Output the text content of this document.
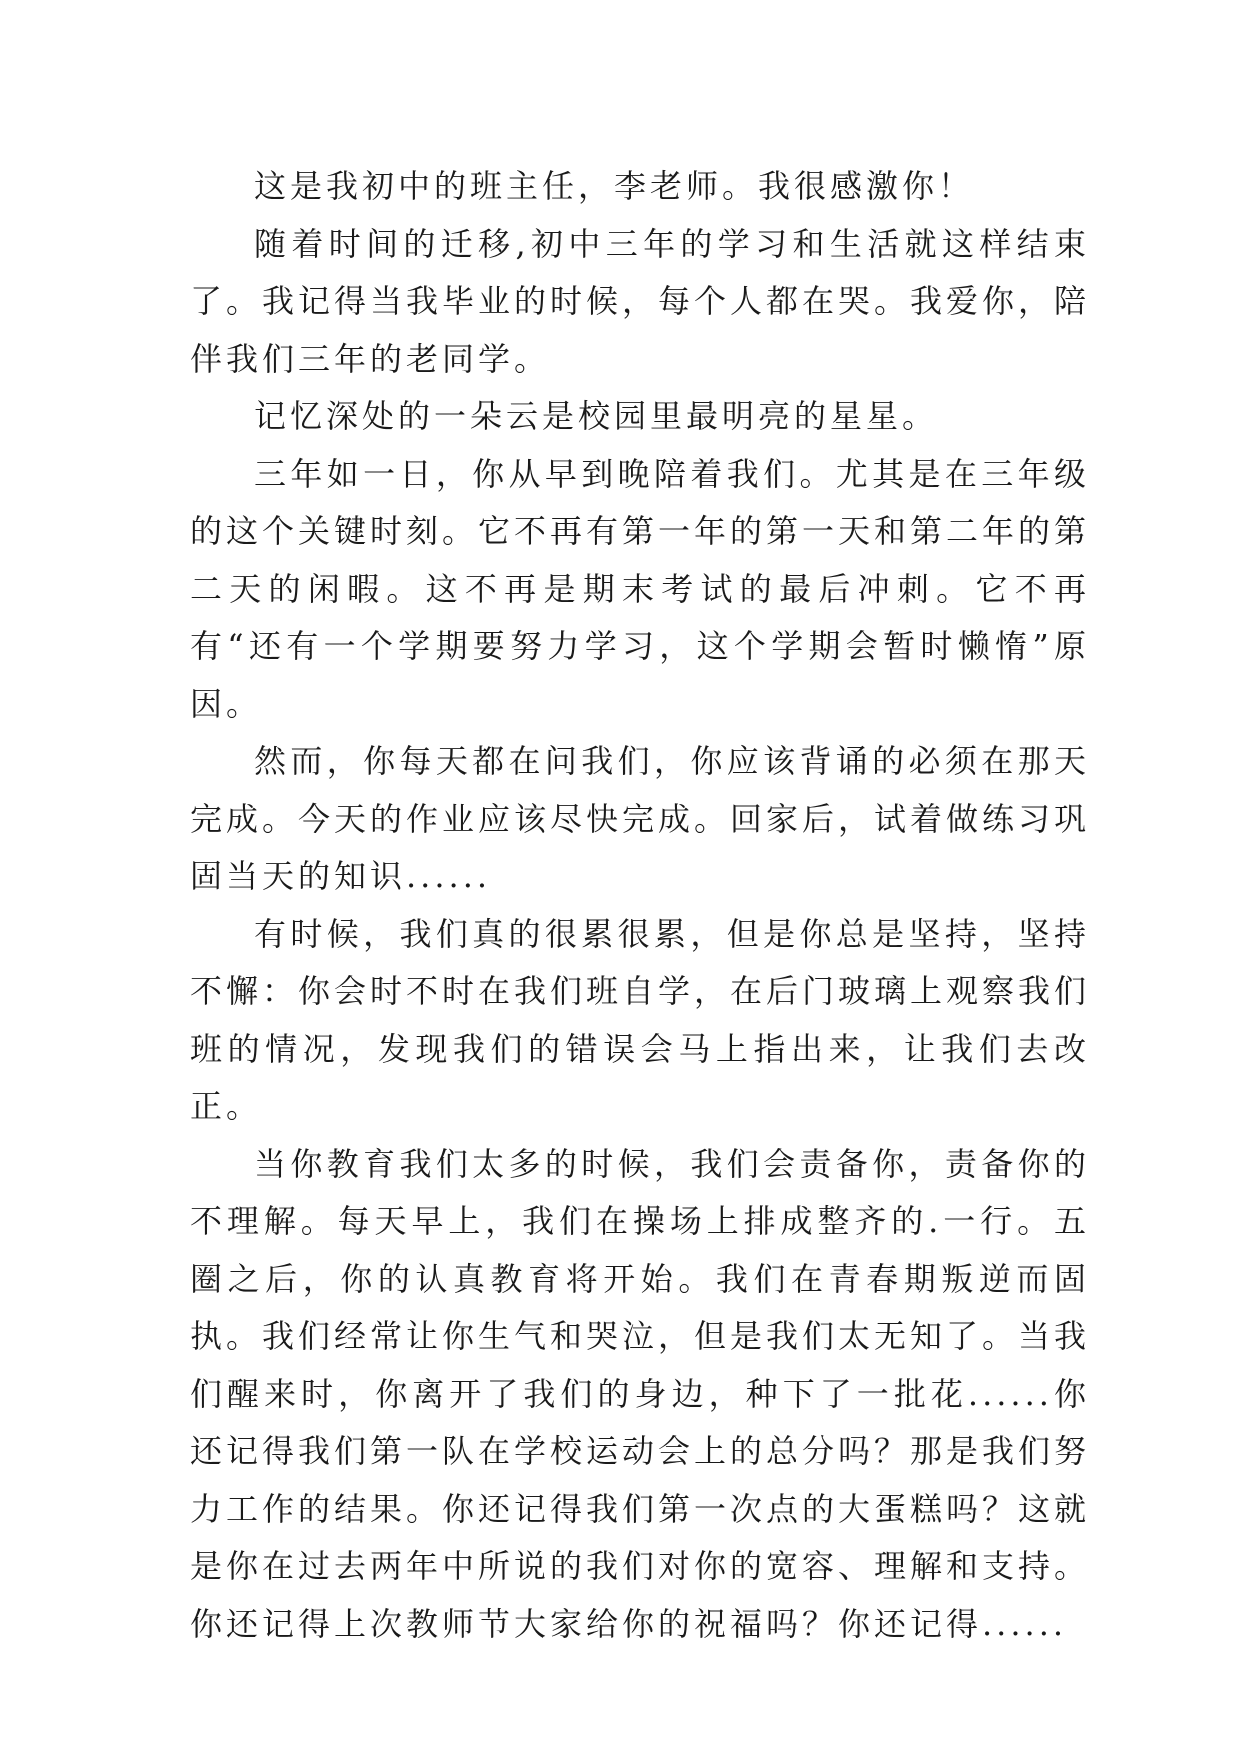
这是我初中的班主任，李老师。我很感激你！

随着时间的迁移,初中三年的学习和生活就这样结束了。我记得当我毕业的时候，每个人都在哭。我爱你，陪伴我们三年的老同学。

记忆深处的一朵云是校园里最明亮的星星。

三年如一日，你从早到晚陪着我们。尤其是在三年级的这个关键时刻。它不再有第一年的第一天和第二年的第二天的闲暇。这不再是期末考试的最后冲刺。它不再有“还有一个学期要努力学习，这个学期会暂时懒惰”原因。

然而，你每天都在问我们，你应该背诵的必须在那天完成。今天的作业应该尽快完成。回家后，试着做练习巩固当天的知识......

有时候，我们真的很累很累，但是你总是坚持，坚持不懈：你会时不时在我们班自学，在后门玻璃上观察我们班的情况，发现我们的错误会马上指出来，让我们去改正。

当你教育我们太多的时候，我们会责备你，责备你的不理解。每天早上，我们在操场上排成整齐的.一行。五圈之后，你的认真教育将开始。我们在青春期叛逆而固执。我们经常让你生气和哭泣，但是我们太无知了。当我们醒来时，你离开了我们的身边，种下了一批花......你还记得我们第一队在学校运动会上的总分吗？那是我们努力工作的结果。你还记得我们第一次点的大蛋糕吗？这就是你在过去两年中所说的我们对你的宽容、理解和支持。你还记得上次教师节大家给你的祝福吗？你还记得......
